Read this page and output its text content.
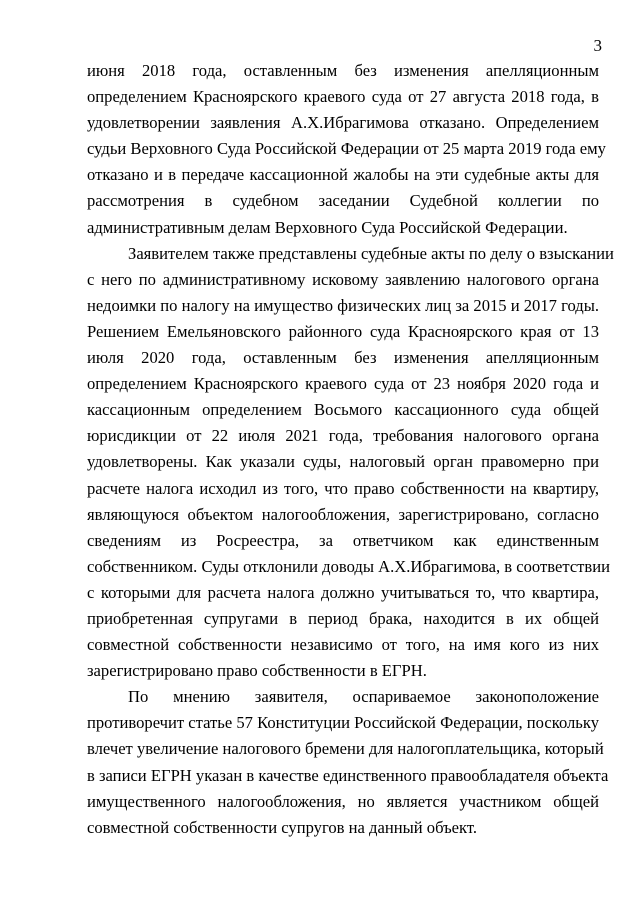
3
июня 2018 года, оставленным без изменения апелляционным
определением Красноярского краевого суда от 27 августа 2018 года, в
удовлетворении заявления А.Х.Ибрагимова отказано. Определением
судьи Верховного Суда Российской Федерации от 25 марта 2019 года ему
отказано и в передаче кассационной жалобы на эти судебные акты для
рассмотрения в судебном заседании Судебной коллегии по
административным делам Верховного Суда Российской Федерации.
Заявителем также представлены судебные акты по делу о взыскании
с него по административному исковому заявлению налогового органа
недоимки по налогу на имущество физических лиц за 2015 и 2017 годы.
Решением Емельяновского районного суда Красноярского края от 13
июля 2020 года, оставленным без изменения апелляционным
определением Красноярского краевого суда от 23 ноября 2020 года и
кассационным определением Восьмого кассационного суда общей
юрисдикции от 22 июля 2021 года, требования налогового органа
удовлетворены. Как указали суды, налоговый орган правомерно при
расчете налога исходил из того, что право собственности на квартиру,
являющуюся объектом налогообложения, зарегистрировано, согласно
сведениям из Росреестра, за ответчиком как единственным
собственником. Суды отклонили доводы А.Х.Ибрагимова, в соответствии
с которыми для расчета налога должно учитываться то, что квартира,
приобретенная супругами в период брака, находится в их общей
совместной собственности независимо от того, на имя кого из них
зарегистрировано право собственности в ЕГРН.
По мнению заявителя, оспариваемое законоположение
противоречит статье 57 Конституции Российской Федерации, поскольку
влечет увеличение налогового бремени для налогоплательщика, который
в записи ЕГРН указан в качестве единственного правообладателя объекта
имущественного налогообложения, но является участником общей
совместной собственности супругов на данный объект.
